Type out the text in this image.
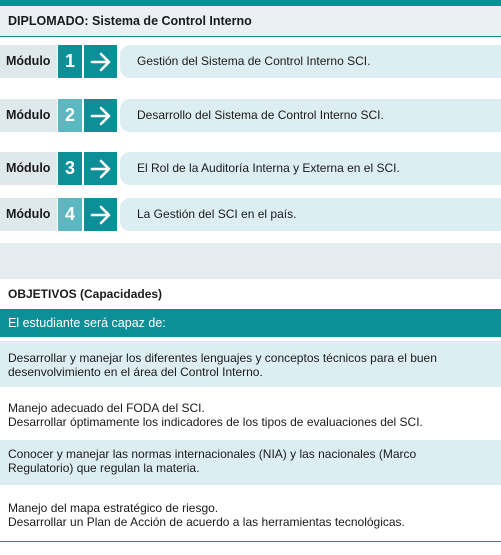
DIPLOMADO: Sistema de Control Interno
Módulo 1	Gestión del Sistema de Control Interno SCI.
Módulo 2	Desarrollo del Sistema de Control Interno SCI.
Módulo 3	El Rol de la Auditoría Interna y Externa en el SCI.
Módulo 4	La Gestión del SCI en el país.
OBJETIVOS (Capacidades)
El estudiante será capaz de:
Desarrollar y manejar los diferentes lenguajes y conceptos técnicos para el buen
desenvolvimiento en el área del Control Interno.
Manejo adecuado del FODA del SCI.
Desarrollar óptimamente los indicadores de los tipos de evaluaciones del SCI.
Conocer y manejar las normas internacionales (NIA) y las nacionales (Marco
Regulatorio) que regulan la materia.
Manejo del mapa estratégico de riesgo.
Desarrollar un Plan de Acción de acuerdo a las herramientas tecnológicas.
